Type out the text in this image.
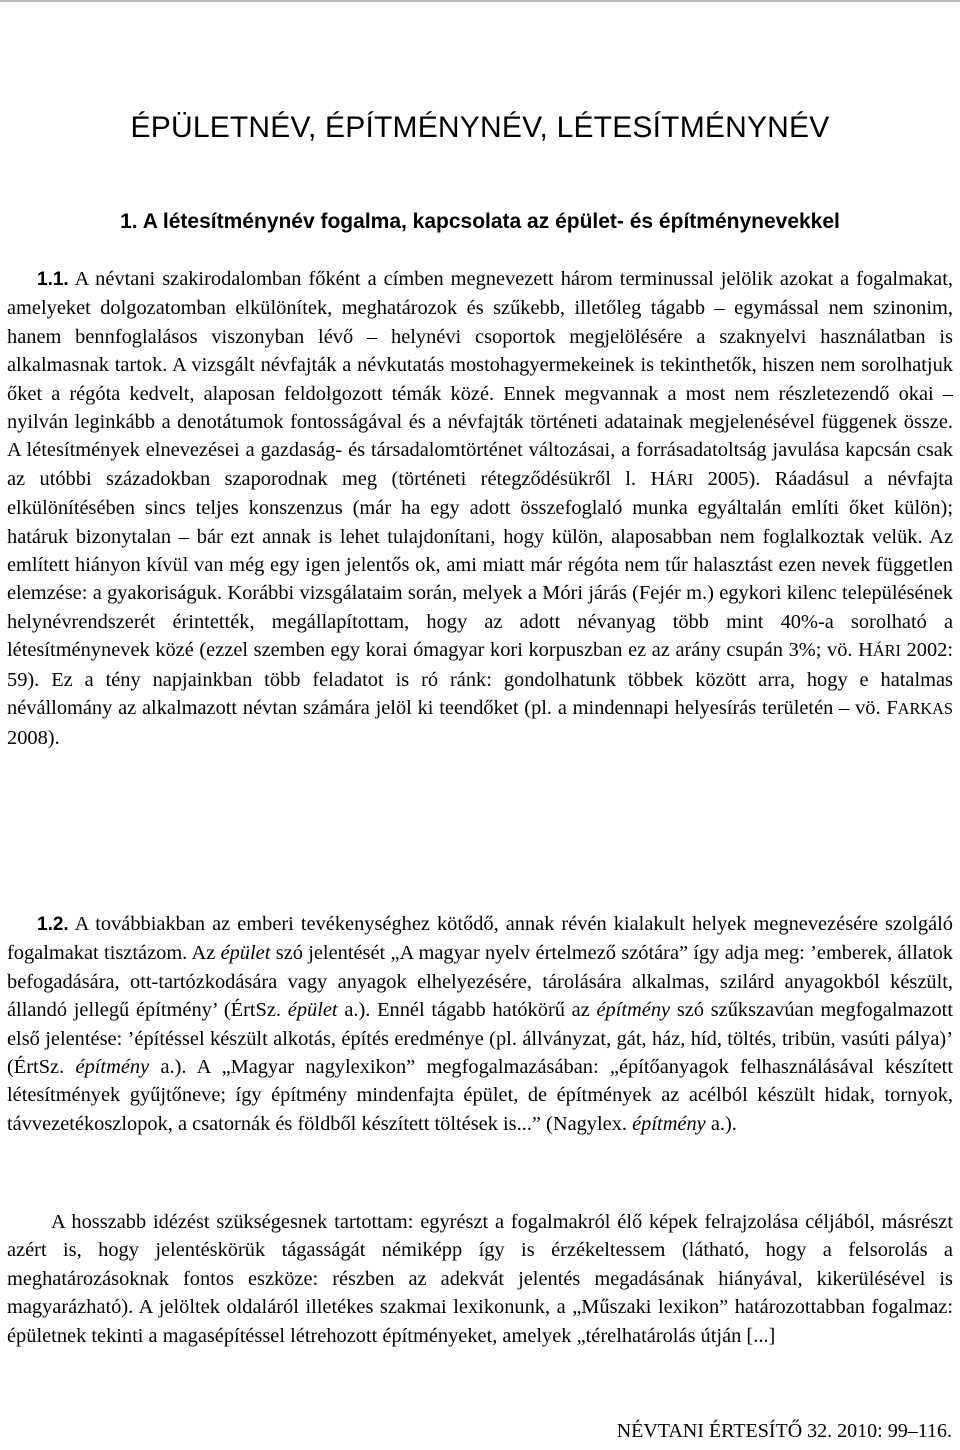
ÉPÜLETNÉV, ÉPÍTMÉNYNÉV, LÉTESÍTMÉNYNÉV
1. A létesítménynév fogalma, kapcsolata az épület- és építménynevekkel

1.1. A névtani szakirodalomban főként a címben megnevezett három terminussal jelölik azokat a fogalmakat, amelyeket dolgozatomban elkülönítek, meghatározok és szűkebb, illetőleg tágabb – egymással nem szinonim, hanem bennfoglalásos viszonyban lévő – helynévi csoportok megjelölésére a szaknyelvi használatban is alkalmasnak tartok. A vizsgált névfajták a névkutatás mostohagyermekeinek is tekinthetők, hiszen nem sorolhatjuk őket a régóta kedvelt, alaposan feldolgozott témák közé. Ennek megvannak a most nem részletezendő okai – nyilván leginkább a denotátumok fontosságával és a névfajták történeti adatainak megjelenésével függenek össze. A létesítmények elnevezései a gazdaság- és társadalomtörténet változásai, a forrásadatoltság javulása kapcsán csak az utóbbi századokban szaporodnak meg (történeti rétegződésükről l. HÁRI 2005). Ráadásul a névfajta elkülönítésében sincs teljes konszenzus (már ha egy adott összefoglaló munka egyáltalán említi őket külön); határuk bizonytalan – bár ezt annak is lehet tulajdonítani, hogy külön, alaposabban nem foglalkoztak velük. Az említett hiányon kívül van még egy igen jelentős ok, ami miatt már régóta nem tűr halasztást ezen nevek független elemzése: a gyakoriságuk. Korábbi vizsgálataim során, melyek a Móri járás (Fejér m.) egykori kilenc településének helynévrendszerét érintették, megállapítottam, hogy az adott névanyag több mint 40%-a sorolható a létesítménynevek közé (ezzel szemben egy korai ómagyar kori korpuszban ez az arány csupán 3%; vö. HÁRI 2002: 59). Ez a tény napjainkban több feladatot is ró ránk: gondolhatunk többek között arra, hogy e hatalmas névállomány az alkalmazott névtan számára jelöl ki teendőket (pl. a mindennapi helyesírás területén – vö. FARKAS 2008).

1.2. A továbbiakban az emberi tevékenységhez kötődő, annak révén kialakult helyek megnevezésére szolgáló fogalmakat tisztázom. Az épület szó jelentését „A magyar nyelv értelmező szótára” így adja meg: ’emberek, állatok befogadására, ott-tartózkodására vagy anyagok elhelyezésére, tárolására alkalmas, szilárd anyagokból készült, állandó jellegű építmény’ (ÉrtSz. épület a.). Ennél tágabb hatókörű az építmény szó szűkszavúan megfogalmazott első jelentése: ’építéssel készült alkotás, építés eredménye (pl. állványzat, gát, ház, híd, töltés, tribün, vasúti pálya)’ (ÉrtSz. építmény a.). A „Magyar nagylexikon” megfogalmazásában: „építőanyagok felhasználásával készített létesítmények gyűjtőneve; így építmény mindenfajta épület, de építmények az acélból készült hidak, tornyok, távvezetékoszlopok, a csatornák és földből készített töltések is...” (Nagylex. építmény a.).

A hosszabb idézést szükségesnek tartottam: egyrészt a fogalmakról élő képek felrajzolása céljából, másrészt azért is, hogy jelentéskörük tágasságát némiképp így is érzékeltessem (látható, hogy a felsorolás a meghatározásoknak fontos eszköze: részben az adekvát jelentés megadásának hiányával, kikerülésével is magyarázható). A jelöltek oldaláról illetékes szakmai lexikonunk, a „Műszaki lexikon” határozottabban fogalmaz: épületnek tekinti a magasépítéssel létrehozott építményeket, amelyek „térelhatárolás útján [...]

NÉVTANI ÉRTESÍTŐ 32. 2010: 99–116.
